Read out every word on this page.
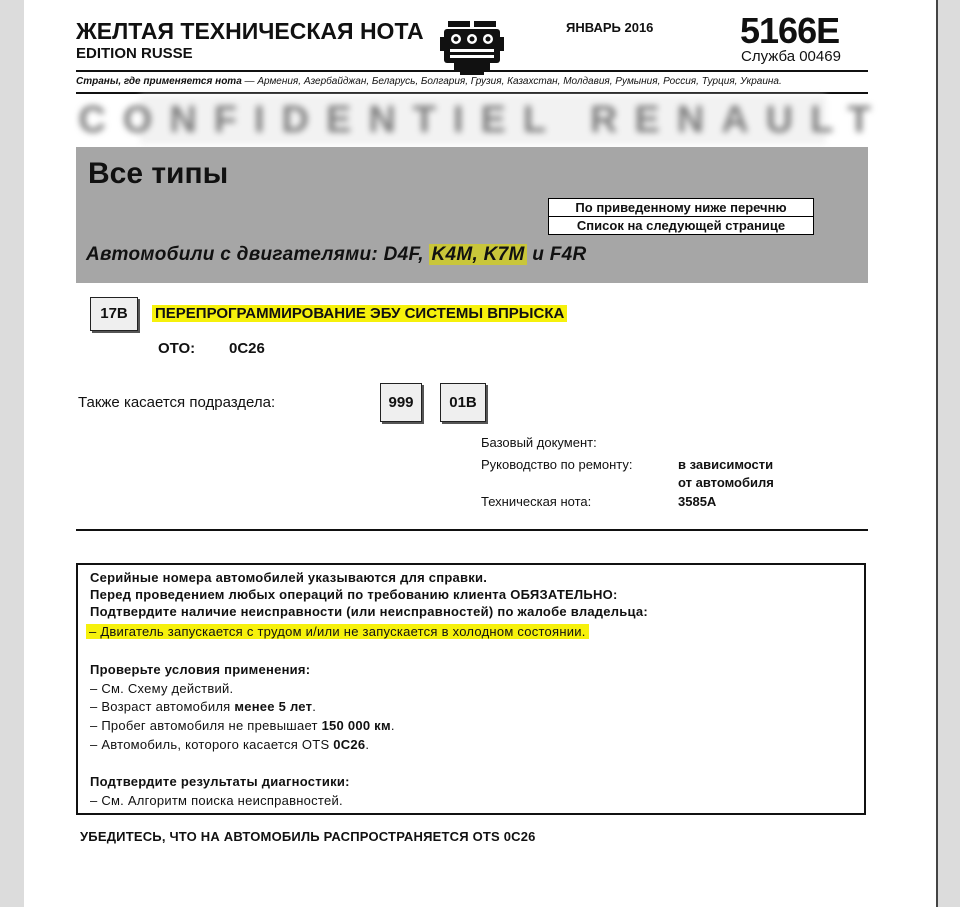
ЖЕЛТАЯ ТЕХНИЧЕСКАЯ НОТА
EDITION RUSSE
ЯНВАРЬ 2016 5166E
Служба 00469
Страны, где применяется нота — Армения, Азербайджан, Беларусь, Болгария, Грузия, Казахстан, Молдавия, Румыния, Россия, Турция, Украина.
CONFIDENTIEL RENAULT
Все типы
По приведенному ниже перечню
Список на следующей странице
Автомобили с двигателями: D4F, K4M, K7M и F4R
17B	ПЕРЕПРОГРАММИРОВАНИЕ ЭБУ СИСТЕМЫ ВПРЫСКА
ОТО: 0C26
Также касается подраздела:	999	01B
Базовый документ:
Руководство по ремонту:	в зависимости
от автомобиля
Техническая нота:	3585A
Серийные номера автомобилей указываются для справки.
Перед проведением любых операций по требованию клиента ОБЯЗАТЕЛЬНО:
Подтвердите наличие неисправности (или неисправностей) по жалобе владельца:
– Двигатель запускается с трудом и/или не запускается в холодном состоянии.
Проверьте условия применения:
– См. Схему действий.
– Возраст автомобиля менее 5 лет.
– Пробег автомобиля не превышает 150 000 км.
– Автомобиль, которого касается OTS 0C26.
Подтвердите результаты диагностики:
– См. Алгоритм поиска неисправностей.
УБЕДИТЕСЬ, ЧТО НА АВТОМОБИЛЬ РАСПРОСТРАНЯЕТСЯ OTS 0C26
